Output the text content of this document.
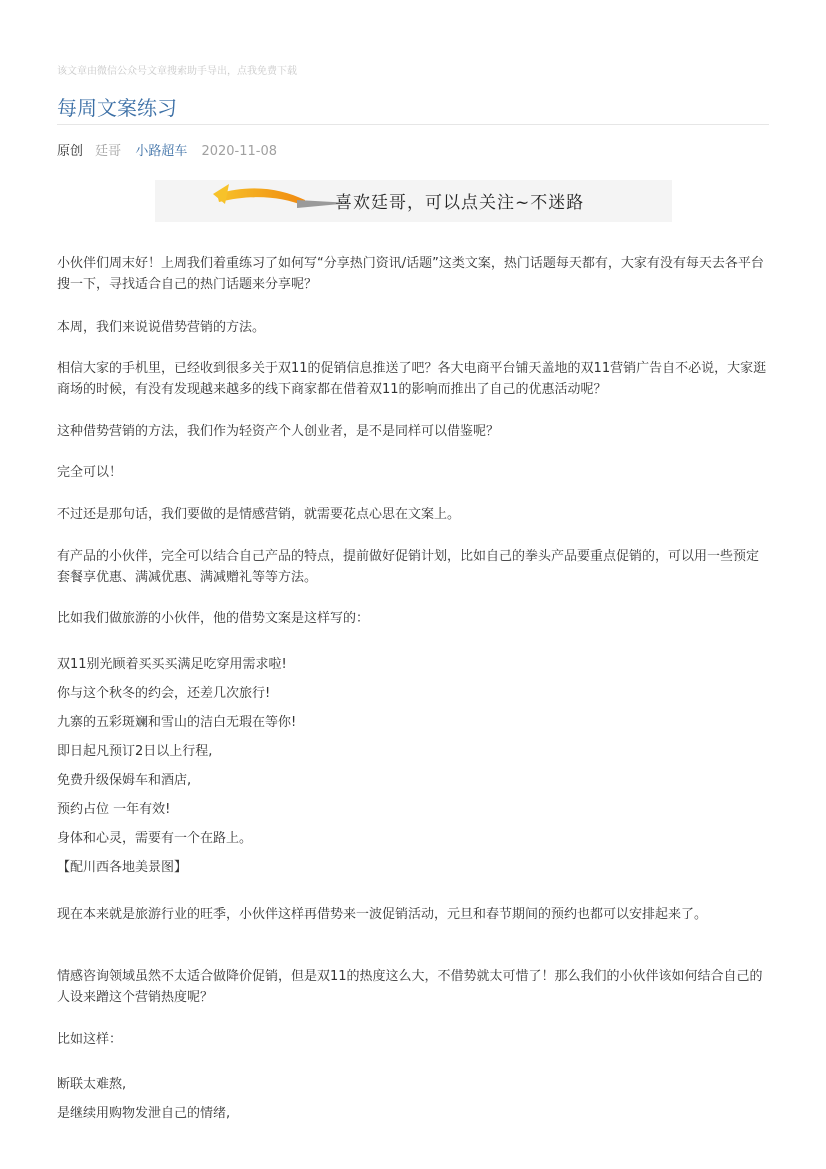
该文章由微信公众号文章搜索助手导出，点我免费下载
每周文案练习
原创 廷哥 小路超车 2020-11-08
喜欢廷哥，可以点关注~不迷路

小伙伴们周末好！上周我们着重练习了如何写“分享热门资讯/话题”这类文案，热门话题每天都有，大家有没有每天去各平台搜一下，寻找适合自己的热门话题来分享呢？

本周，我们来说说借势营销的方法。

相信大家的手机里，已经收到很多关于双11的促销信息推送了吧？各大电商平台铺天盖地的双11营销广告自不必说，大家逛商场的时候，有没有发现越来越多的线下商家都在借着双11的影响而推出了自己的优惠活动呢？

这种借势营销的方法，我们作为轻资产个人创业者，是不是同样可以借鉴呢？

完全可以！

不过还是那句话，我们要做的是情感营销，就需要花点心思在文案上。

有产品的小伙伴，完全可以结合自己产品的特点，提前做好促销计划，比如自己的拳头产品要重点促销的，可以用一些预定套餐享优惠、满减优惠、满减赠礼等等方法。

比如我们做旅游的小伙伴，他的借势文案是这样写的：

双11别光顾着买买买满足吃穿用需求啦!
你与这个秋冬的约会，还差几次旅行!
九寨的五彩斑斓和雪山的洁白无瑕在等你!
即日起凡预订2日以上行程,
免费升级保姆车和酒店,
预约占位 一年有效!
身体和心灵，需要有一个在路上。
【配川西各地美景图】

现在本来就是旅游行业的旺季，小伙伴这样再借势来一波促销活动，元旦和春节期间的预约也都可以安排起来了。

情感咨询领域虽然不太适合做降价促销，但是双11的热度这么大，不借势就太可惜了！那么我们的小伙伴该如何结合自己的人设来蹭这个营销热度呢？

比如这样：

断联太难熬,
是继续用购物发泄自己的情绪,
